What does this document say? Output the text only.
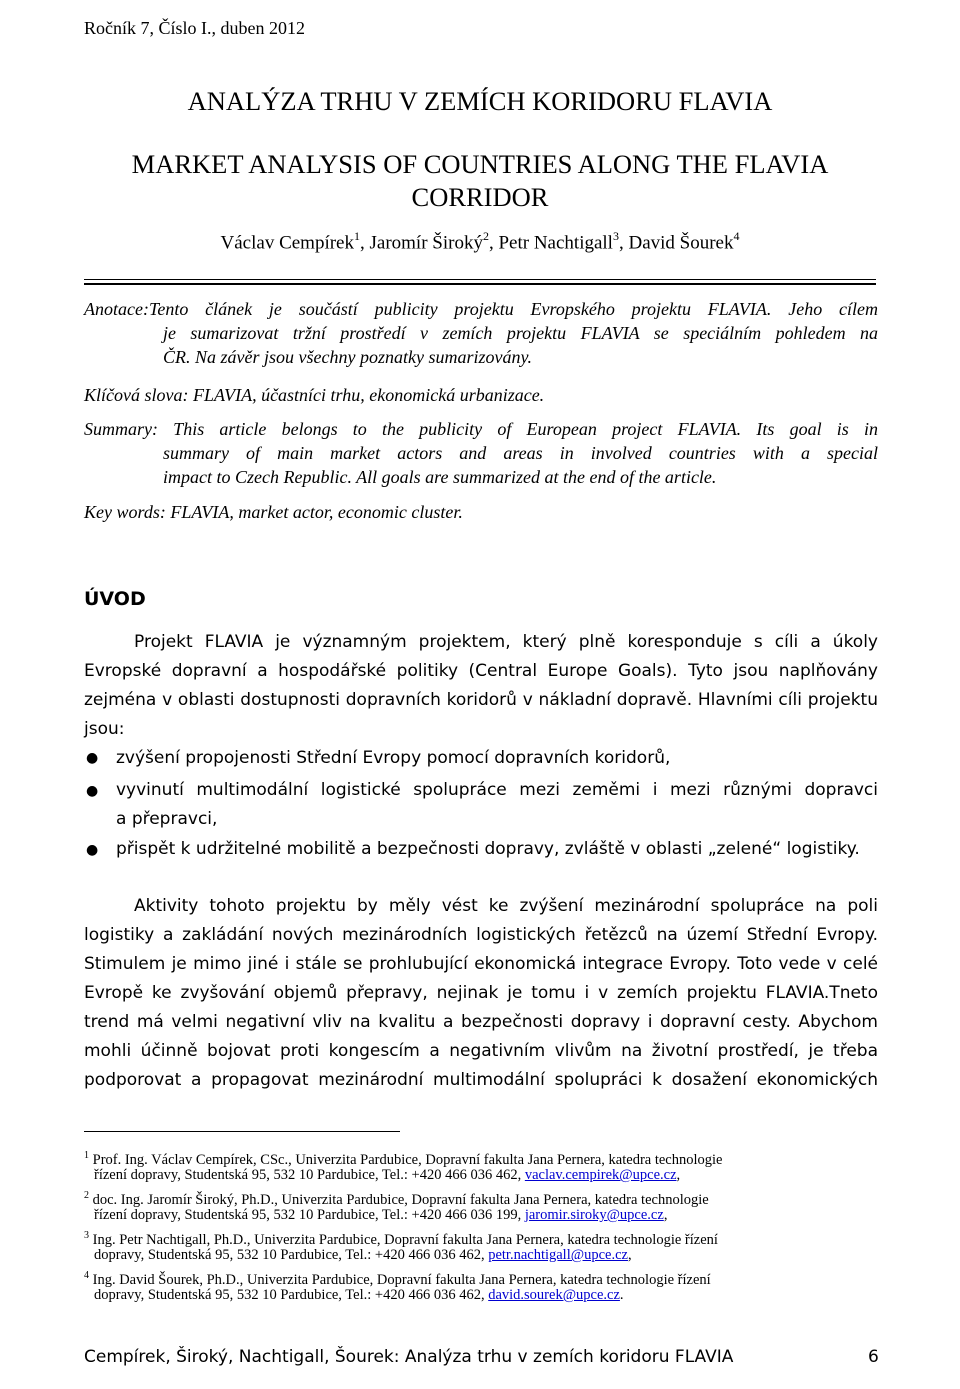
Ročník 7, Číslo I., duben 2012
ANALÝZA TRHU V ZEMÍCH KORIDORU FLAVIA
MARKET ANALYSIS OF COUNTRIES ALONG THE FLAVIA
CORRIDOR
Václav Cempírek$^1$, Jaromír Široký$^2$, Petr Nachtigall$^3$, David Šourek$^4$
Anotace:Tento článek je součástí publicity projektu Evropského projektu FLAVIA. Jeho cílem
je sumarizovat tržní prostředí v zemích projektu FLAVIA se speciálním pohledem na
ČR. Na závěr jsou všechny poznatky sumarizovány.
Klíčová slova: FLAVIA, účastníci trhu, ekonomická urbanizace.
Summary: This article belongs to the publicity of European project FLAVIA. Its goal is in
summary of main market actors and areas in involved countries with a special
impact to Czech Republic. All goals are summarized at the end of the article.
Key words: FLAVIA, market actor, economic cluster.
ÚVOD
Projekt FLAVIA je významným projektem, který plně koresponduje s cíli a úkoly
Evropské dopravní a hospodářské politiky (Central Europe Goals). Tyto jsou naplňovány
zejména v oblasti dostupnosti dopravních koridorů v nákladní dopravě. Hlavními cíli projektu
jsou:
● zvýšení propojenosti Střední Evropy pomocí dopravních koridorů,
● vyvinutí multimodální logistické spolupráce mezi zeměmi i mezi různými dopravci
a přepravci,
● přispět k udržitelné mobilitě a bezpečnosti dopravy, zvláště v oblasti „zelené“ logistiky.
Aktivity tohoto projektu by měly vést ke zvýšení mezinárodní spolupráce na poli
logistiky a zakládání nových mezinárodních logistických řetězců na území Střední Evropy.
Stimulem je mimo jiné i stále se prohlubující ekonomická integrace Evropy. Toto vede v celé
Evropě ke zvyšování objemů přepravy, nejinak je tomu i v zemích projektu FLAVIA.Tneto
trend má velmi negativní vliv na kvalitu a bezpečnosti dopravy i dopravní cesty. Abychom
mohli účinně bojovat proti kongescím a negativním vlivům na životní prostředí, je třeba
podporovat a propagovat mezinárodní multimodální spolupráci k dosažení ekonomických
$^1$ Prof. Ing. Václav Cempírek, CSc., Univerzita Pardubice, Dopravní fakulta Jana Pernera, katedra technologie
řízení dopravy, Studentská 95, 532 10 Pardubice, Tel.: +420 466 036 462, vaclav.cempirek@upce.cz,
$^2$ doc. Ing. Jaromír Široký, Ph.D., Univerzita Pardubice, Dopravní fakulta Jana Pernera, katedra technologie
řízení dopravy, Studentská 95, 532 10 Pardubice, Tel.: +420 466 036 199, jaromir.siroky@upce.cz,
$^3$ Ing. Petr Nachtigall, Ph.D., Univerzita Pardubice, Dopravní fakulta Jana Pernera, katedra technologie řízení
dopravy, Studentská 95, 532 10 Pardubice, Tel.: +420 466 036 462, petr.nachtigall@upce.cz,
$^4$ Ing. David Šourek, Ph.D., Univerzita Pardubice, Dopravní fakulta Jana Pernera, katedra technologie řízení
dopravy, Studentská 95, 532 10 Pardubice, Tel.: +420 466 036 462, david.sourek@upce.cz.
Cempírek, Široký, Nachtigall, Šourek: Analýza trhu v zemích koridoru FLAVIA	6
